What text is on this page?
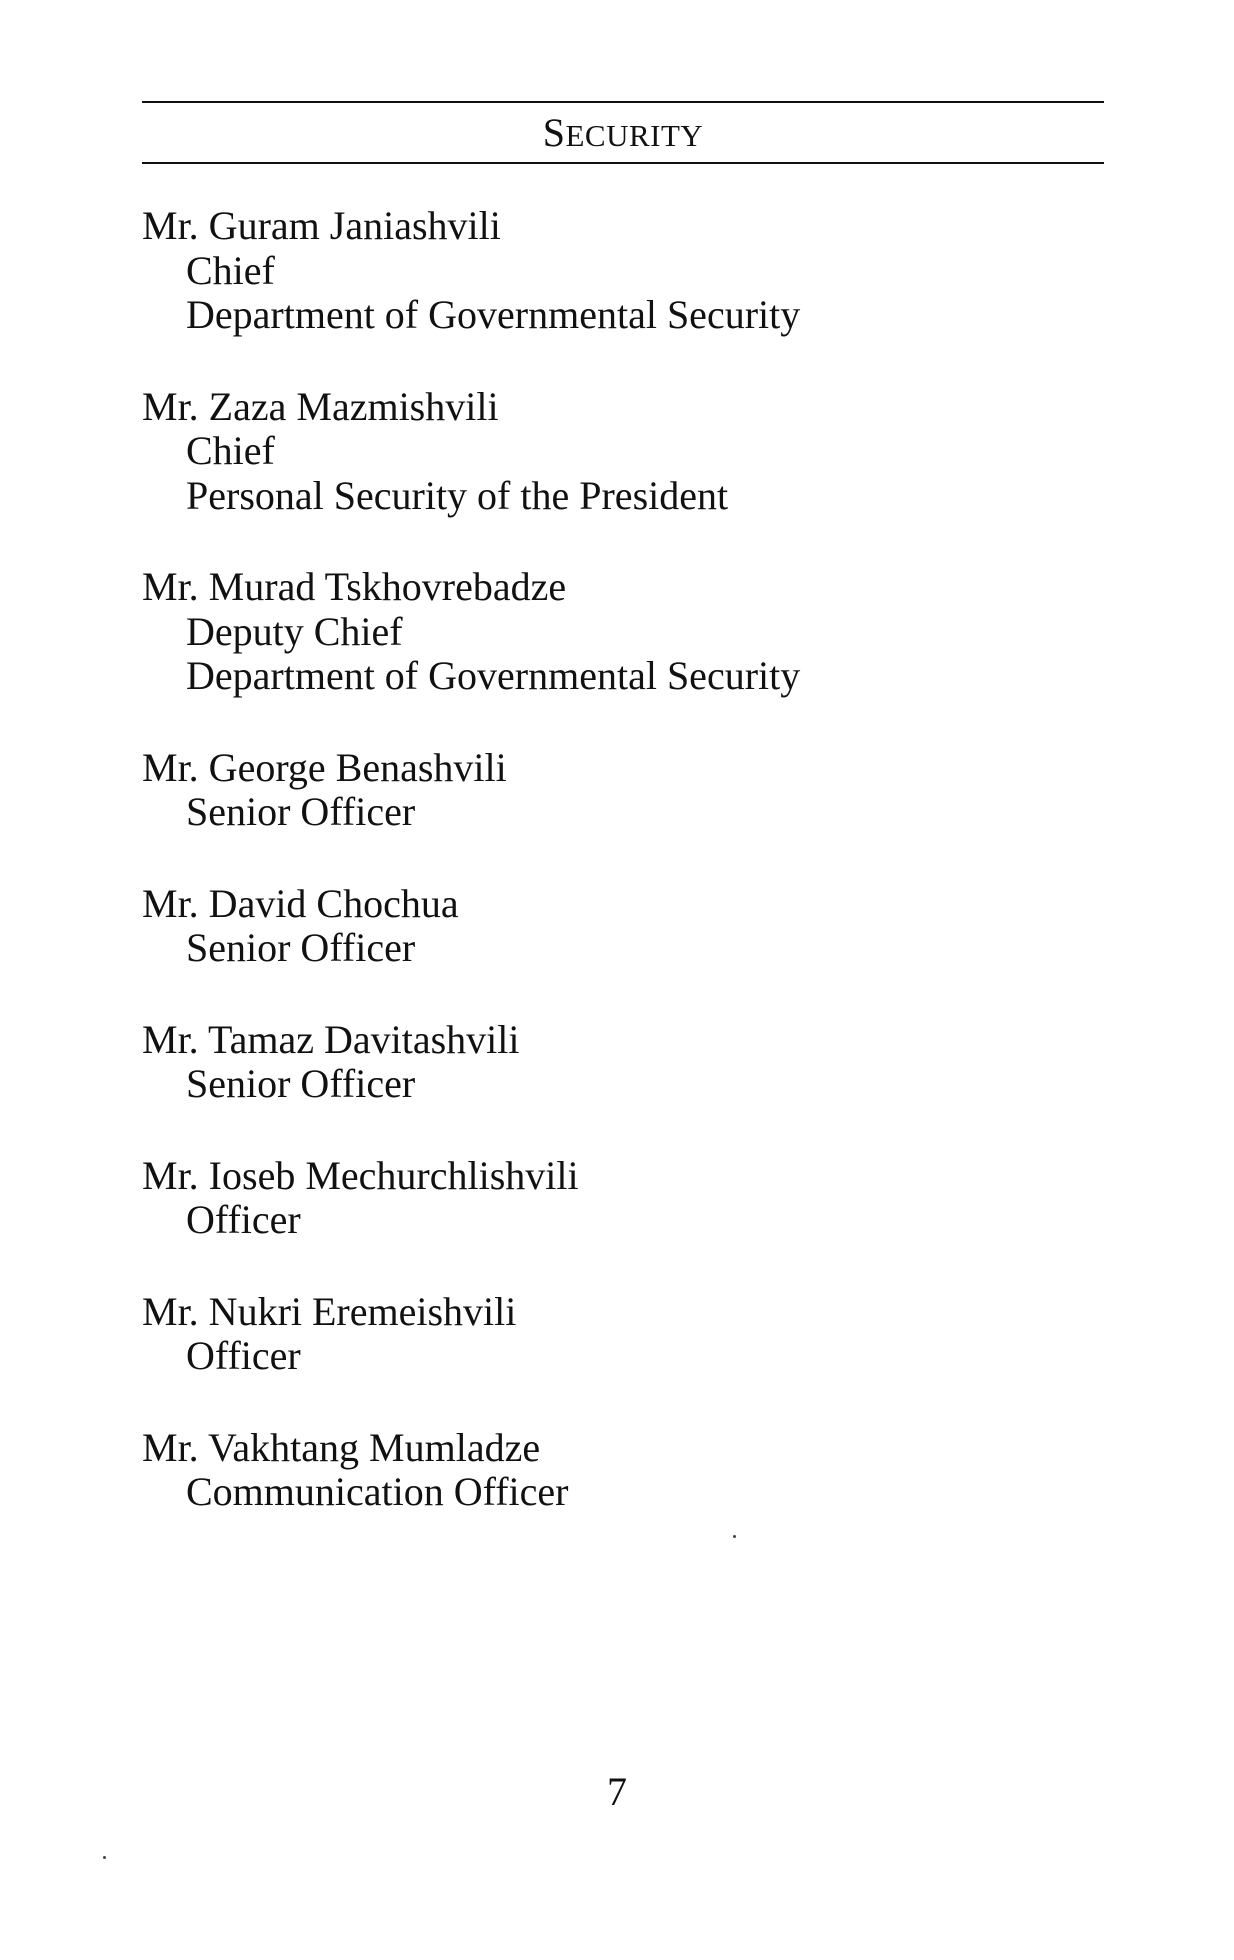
SECURITY
Mr. Guram Janiashvili
Chief
Department of Governmental Security
Mr. Zaza Mazmishvili
Chief
Personal Security of the President
Mr. Murad Tskhovrebadze
Deputy Chief
Department of Governmental Security
Mr. George Benashvili
Senior Officer
Mr. David Chochua
Senior Officer
Mr. Tamaz Davitashvili
Senior Officer
Mr. Ioseb Mechurchlishvili
Officer
Mr. Nukri Eremeishvili
Officer
Mr. Vakhtang Mumladze
Communication Officer
7
